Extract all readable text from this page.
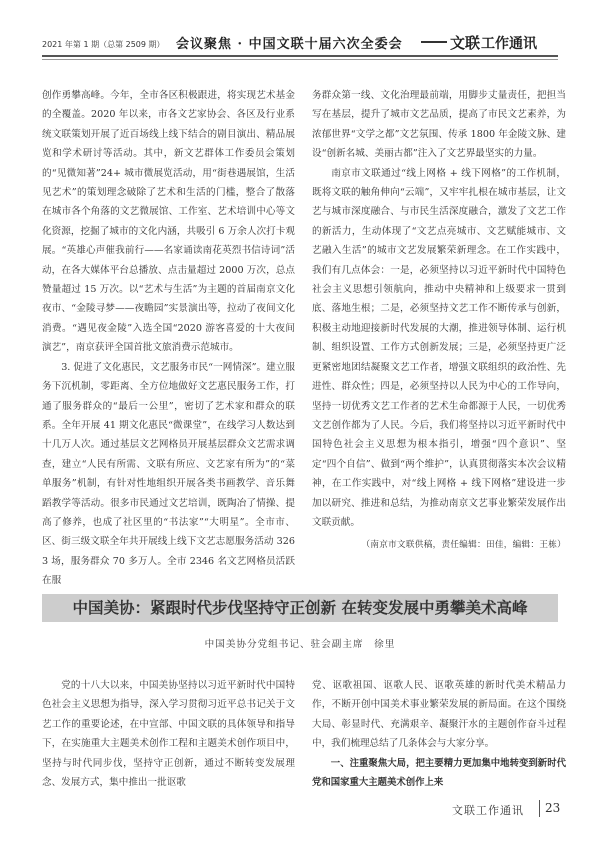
2021 年第 1 期（总第 2509 期） 会议聚焦 · 中国文联十届六次全委会	文联 工作通讯

创作勇攀高峰。今年，全市各区积极跟进，将实现艺术基金的全覆盖。2020 年以来，市各文艺家协会、各区及行业系统文联策划开展了近百场线上线下结合的剧目演出、精品展览和学术研讨等活动。其中，新文艺群体工作委员会策划的“见微知著”24+ 城市微展览活动，用“街巷遇展馆，生活见艺术”的策划理念破除了艺术和生活的门槛，整合了散落在城市各个角落的文艺微展馆、工作室、艺术培训中心等文化资源，挖掘了城市的文化内涵，共吸引 6 万余人次打卡观展。“英雄心声催我前行——名家诵读南花英烈书信诗词”活动，在各大媒体平台总播放、点击量超过 2000 万次，总点赞量超过 15 万次。以“艺术与生活”为主题的首届南京文化夜市、“金陵寻梦——夜瞻园”实景演出等，拉动了夜间文化消费。“遇见夜金陵”入选全国“2020 游客喜爱的十大夜间演艺”，南京获评全国首批文旅消费示范城市。

3. 促进了文化惠民，文艺服务市民“一网情深”。建立服务下沉机制，零距离、全方位地做好文艺惠民服务工作，打通了服务群众的“最后一公里”，密切了艺术家和群众的联系。全年开展 41 期文化惠民“微课堂”，在线学习人数达到十几万人次。通过基层文艺网格员开展基层群众文艺需求调查，建立“人民有所需、文联有所应、文艺家有所为”的“菜单服务”机制，有针对性地组织开展各类书画教学、音乐舞蹈教学等活动。很多市民通过文艺培训，既陶冶了情操、提高了修养，也成了社区里的“书法家”“大明星”。全市市、区、街三级文联全年共开展线上线下文艺志愿服务活动 3263 场，服务群众 70 多万人。全市 2346 名文艺网格员活跃在服

务群众第一线、文化治理最前端，用脚步丈量责任，把担当写在基层，提升了城市文艺品质，提高了市民文艺素养，为浓郁世界“文学之都”文艺氛围、传承 1800 年金陵文脉、建设“创新名城、美丽古都”注入了文艺界最坚实的力量。

南京市文联通过“线上网格 + 线下网格”的工作机制，既将文联的触角伸向“云端”，又牢牢扎根在城市基层，让文艺与城市深度融合、与市民生活深度融合，激发了文艺工作的新活力，生动体现了“文艺点亮城市、文艺赋能城市、文艺融入生活”的城市文艺发展繁荣新理念。在工作实践中，我们有几点体会：一是，必须坚持以习近平新时代中国特色社会主义思想引领航向，推动中央精神和上级要求一贯到底、落地生根；二是，必须坚持文艺工作不断传承与创新，积极主动地迎接新时代发展的大潮，推进领导体制、运行机制、组织设置、工作方式创新发展；三是，必须坚持更广泛更紧密地团结凝聚文艺工作者，增强文联组织的政治性、先进性、群众性；四是，必须坚持以人民为中心的工作导向，坚持一切优秀文艺工作者的艺术生命都源于人民，一切优秀文艺创作都为了人民。今后，我们将坚持以习近平新时代中国特色社会主义思想为根本指引，增强“四个意识”、坚定“四个自信”、做到“两个维护”，认真贯彻落实本次会议精神，在工作实践中，对“线上网格 + 线下网格”建设进一步加以研究、推进和总结，为推动南京文艺事业繁荣发展作出文联贡献。

（南京市文联供稿，责任编辑：田佳，编辑：王栋）
中国美协：紧跟时代步伐坚持守正创新 在转变发展中勇攀美术高峰
中国美协分党组书记、驻会副主席　徐里

党的十八大以来，中国美协坚持以习近平新时代中国特色社会主义思想为指导，深入学习贯彻习近平总书记关于文艺工作的重要论述，在中宣部、中国文联的具体领导和指导下，在实施重大主题美术创作工程和主题美术创作项目中，坚持与时代同步伐，坚持守正创新，通过不断转变发展理念、发展方式，集中推出一批讴歌

党、讴歌祖国、讴歌人民、讴歌英雄的新时代美术精品力作，不断开创中国美术事业繁荣发展的新局面。在这个围绕大局、彰显时代、充满艰辛、凝聚汗水的主题创作奋斗过程中，我们梳理总结了几条体会与大家分享。

一、注重聚焦大局，把主要精力更加集中地转变到新时代党和国家重大主题美术创作上来

文联工作通讯 23
